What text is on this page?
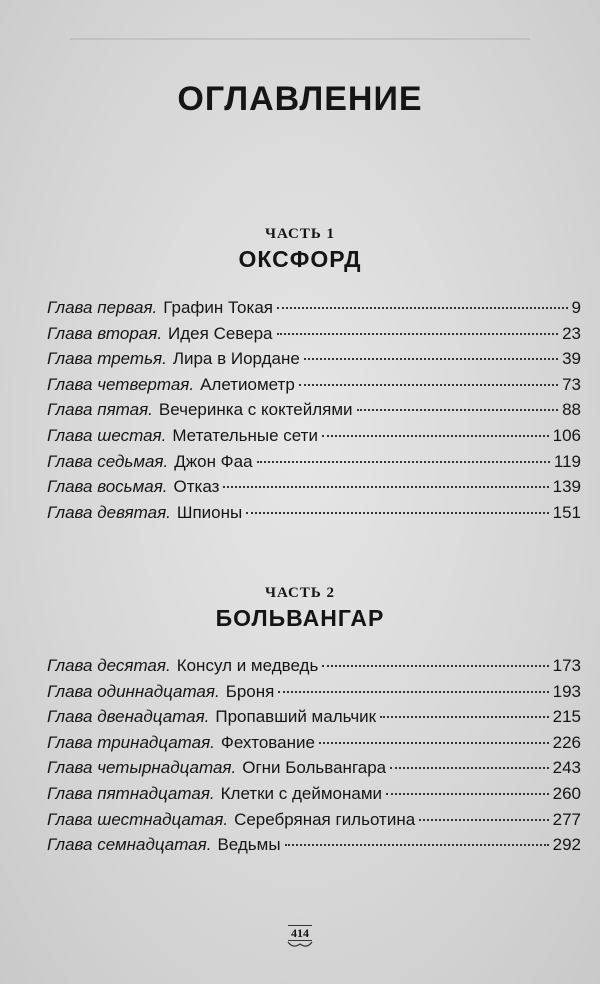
ОГЛАВЛЕНИЕ
ЧАСТЬ 1
ОКСФОРД
Глава первая. Графин Токая	9
Глава вторая. Идея Севера	23
Глава третья. Лира в Иордане	39
Глава четвертая. Алетиометр	73
Глава пятая. Вечеринка с коктейлями	88
Глава шестая. Метательные сети	106
Глава седьмая. Джон Фаа	119
Глава восьмая. Отказ	139
Глава девятая. Шпионы	151
ЧАСТЬ 2
БОЛЬВАНГАР
Глава десятая. Консул и медведь	173
Глава одиннадцатая. Броня	193
Глава двенадцатая. Пропавший мальчик	215
Глава тринадцатая. Фехтование	226
Глава четырнадцатая. Огни Больвангара	243
Глава пятнадцатая. Клетки с деймонами	260
Глава шестнадцатая. Серебряная гильотина	277
Глава семнадцатая. Ведьмы	292
414
